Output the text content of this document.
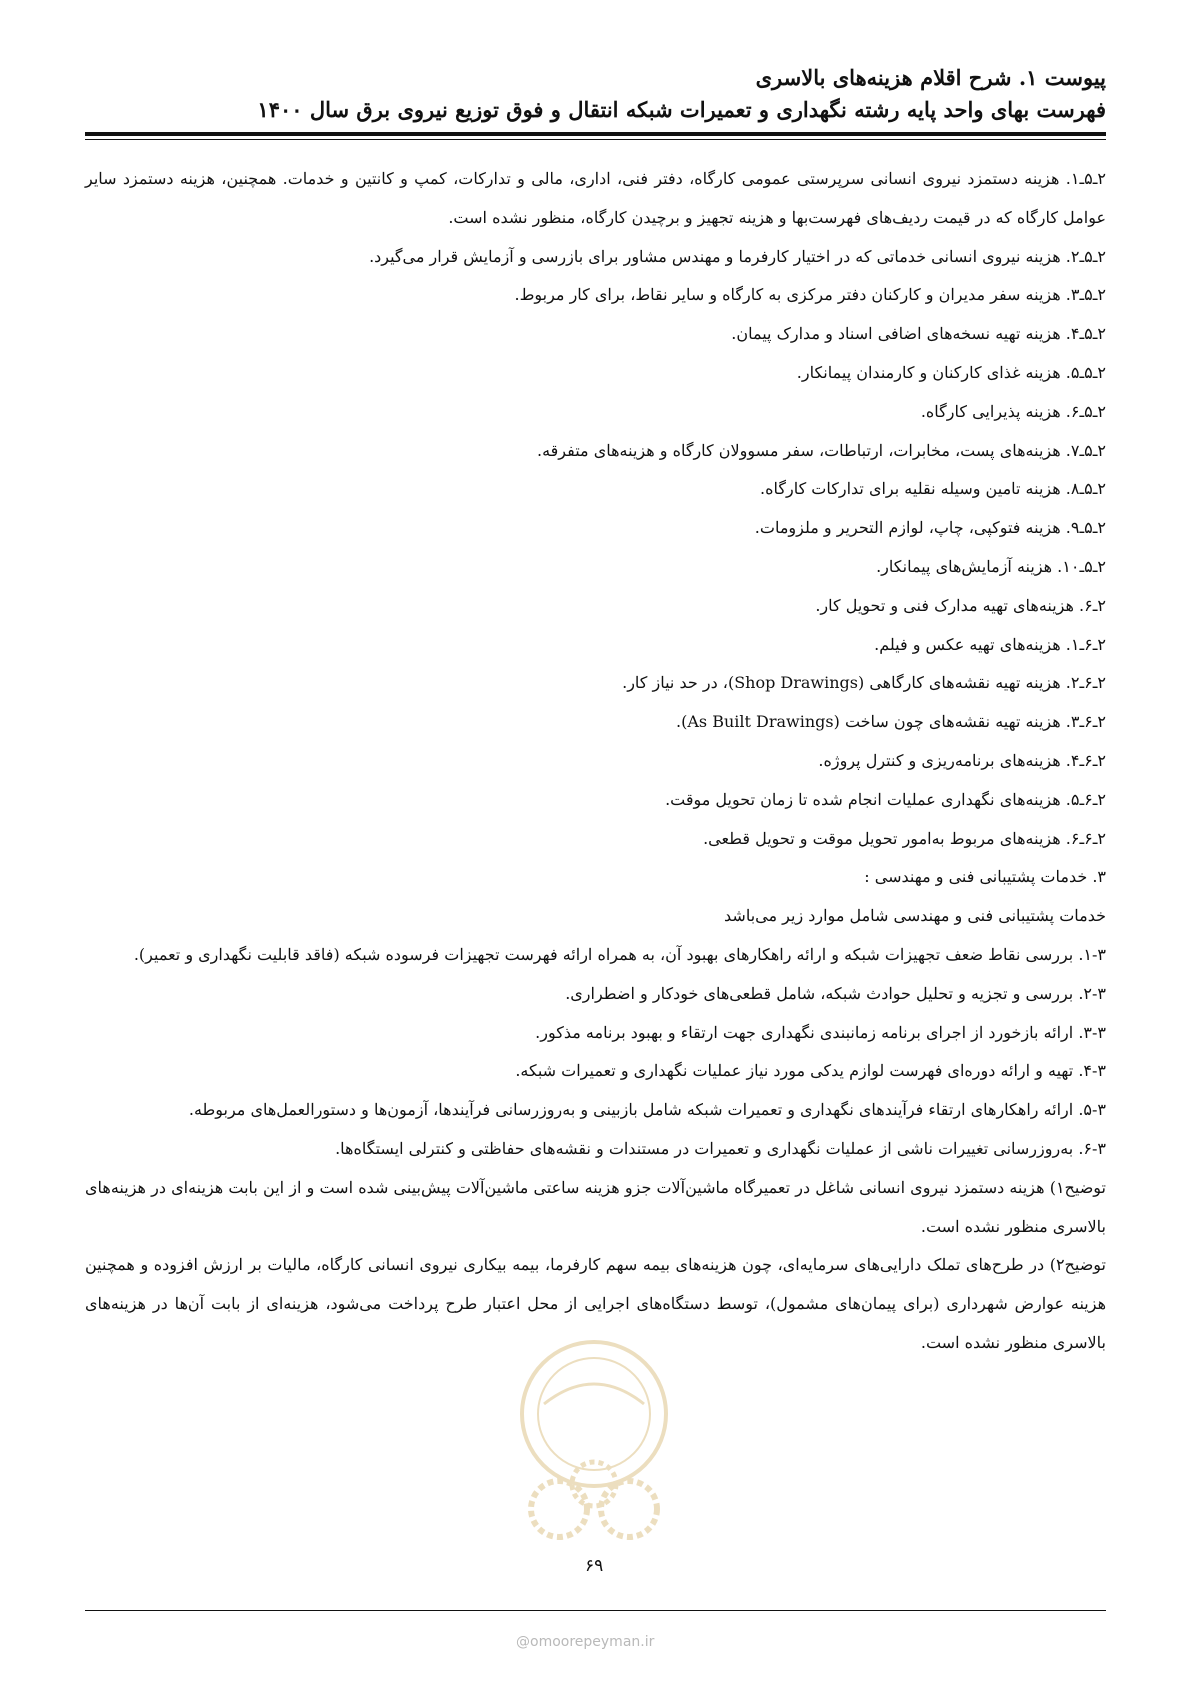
پیوست ۱. شرح اقلام هزینه‌های بالاسری
فهرست بهای واحد پایه رشته نگهداری و تعمیرات شبکه انتقال و فوق توزیع نیروی برق سال ۱۴۰۰

۲ـ۵ـ۱. هزینه دستمزد نیروی انسانی سرپرستی عمومی کارگاه، دفتر فنی، اداری، مالی و تدارکات، کمپ و کانتین و خدمات. همچنین، هزینه دستمزد سایر عوامل کارگاه که در قیمت ردیف‌های فهرست‌بها و هزینه تجهیز و برچیدن کارگاه، منظور نشده است.

۲ـ۵ـ۲. هزینه نیروی انسانی خدماتی که در اختیار کارفرما و مهندس مشاور برای بازرسی و آزمایش قرار می‌گیرد.

۲ـ۵ـ۳. هزینه سفر مدیران و کارکنان دفتر مرکزی به کارگاه و سایر نقاط، برای کار مربوط.

۲ـ۵ـ۴. هزینه تهیه نسخه‌های اضافی اسناد و مدارک پیمان.

۲ـ۵ـ۵. هزینه غذای کارکنان و کارمندان پیمانکار.

۲ـ۵ـ۶. هزینه پذیرایی کارگاه.

۲ـ۵ـ۷. هزینه‌های پست، مخابرات، ارتباطات، سفر مسوولان کارگاه و هزینه‌های متفرقه.

۲ـ۵ـ۸. هزینه تامین وسیله نقلیه برای تدارکات کارگاه.

۲ـ۵ـ۹. هزینه فتوکپی، چاپ، لوازم التحریر و ملزومات.

۲ـ۵ـ۱۰. هزینه آزمایش‌های پیمانکار.

۲ـ۶. هزینه‌های تهیه مدارک فنی و تحویل کار.

۲ـ۶ـ۱. هزینه‌های تهیه عکس و فیلم.

۲ـ۶ـ۲. هزینه تهیه نقشه‌های کارگاهی (Shop Drawings)، در حد نیاز کار.

۲ـ۶ـ۳. هزینه تهیه نقشه‌های چون ساخت (As Built Drawings).

۲ـ۶ـ۴. هزینه‌های برنامه‌ریزی و کنترل پروژه.

۲ـ۶ـ۵. هزینه‌های نگهداری عملیات انجام شده تا زمان تحویل موقت.

۲ـ۶ـ۶. هزینه‌های مربوط به‌امور تحویل موقت و تحویل قطعی.

۳. خدمات پشتیبانی فنی و مهندسی :

خدمات پشتیبانی فنی و مهندسی شامل موارد زیر می‌باشد

۱-۳. بررسی نقاط ضعف تجهیزات شبکه و ارائه راهکارهای بهبود آن، به همراه ارائه فهرست تجهیزات فرسوده شبکه (فاقد قابلیت نگهداری و تعمیر).

۲-۳. بررسی و تجزیه و تحلیل حوادث شبکه، شامل قطعی‌های خودکار و اضطراری.

۳-۳. ارائه بازخورد از اجرای برنامه زمانبندی نگهداری جهت ارتقاء و بهبود برنامه مذکور.

۴-۳. تهیه و ارائه دوره‌ای فهرست لوازم یدکی مورد نیاز عملیات نگهداری و تعمیرات شبکه.

۵-۳. ارائه راهکارهای ارتقاء فرآیندهای نگهداری و تعمیرات شبکه شامل بازبینی و به‌روزرسانی فرآیندها، آزمون‌ها و دستورالعمل‌های مربوطه.

۶-۳. به‌روزرسانی تغییرات ناشی از عملیات نگهداری و تعمیرات در مستندات و نقشه‌های حفاظتی و کنترلی ایستگاه‌ها.

توضیح۱) هزینه دستمزد نیروی انسانی شاغل در تعمیرگاه ماشین‌آلات جزو هزینه ساعتی ماشین‌آلات پیش‌بینی شده است و از این بابت هزینه‌ای در هزینه‌های بالاسری منظور نشده است.

توضیح۲) در طرح‌های تملک دارایی‌های سرمایه‌ای، چون هزینه‌های بیمه سهم کارفرما، بیمه بیکاری نیروی انسانی کارگاه، مالیات بر ارزش افزوده و همچنین هزینه عوارض شهرداری (برای پیمان‌های مشمول)، توسط دستگاه‌های اجرایی از محل اعتبار طرح پرداخت می‌شود، هزینه‌ای از بابت آن‌ها در هزینه‌های بالاسری منظور نشده است.

۶۹
@omoorepeyman.ir
